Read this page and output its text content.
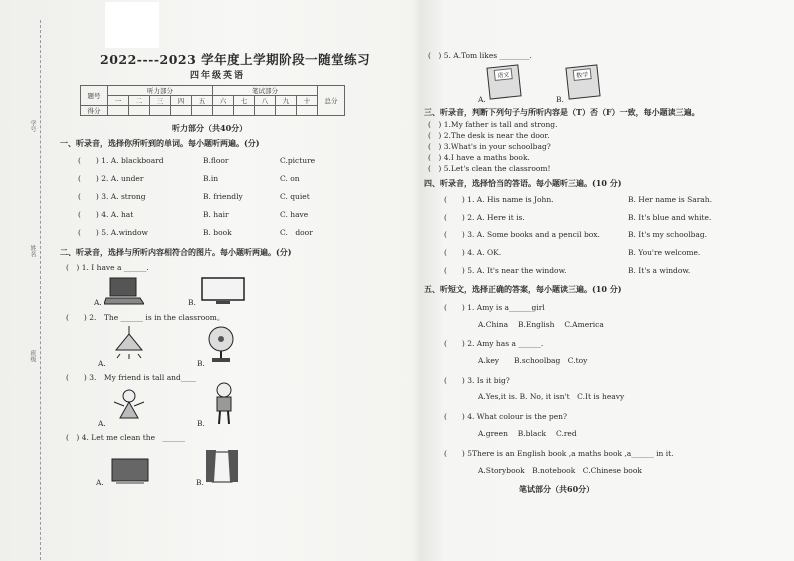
学号
姓名
班级
2022----2023 学年度上学期阶段一随堂练习
四年级英语
题号	听力部分					笔试部分					总分
	一	二	三	四	五	六	七	八	九	十	
得分											
听力部分（共40分）
一、听录音，选择你所听到的单词。每小题听两遍。(分)
(　　) 1. A. blackboard	B.floor	C.picture
(　　) 2. A. under	B.in	C. on
(　　) 3. A. strong	B. friendly	C. quiet
(　　) 4. A. hat	B. hair	C. have
(　　) 5. A.window	B. book	C.　door
二、听录音，选择与所听内容相符合的图片。每小题听两遍。(分)
(　) 1. I have a ______.
A.	B.
(　　) 2.　The ______ is in the classroom。
A.	B.
(　　) 3.　My friend is tall and____
A.	B.
(　) 4. Let me clean the　______
A.	B.
(　) 5. A.Tom likes ________.
语文
A.
数学
B.
三、听录音，判断下列句子与所听内容是（T）否（F）一致，每小题读三遍。
(　) 1.My father is tall and strong.
(　) 2.The desk is near the door.
(　) 3.What's in your schoolbag?
(　) 4.I have a maths book.
(　) 5.Let's clean the classroom!
四、听录音，选择恰当的答语。每小题听三遍。(10 分)
(　　) 1. A. His name is John.	B. Her name is Sarah.
(　　) 2. A. Here it is.	B. It's blue and white.
(　　) 3. A. Some books and a pencil box.	B. It's my schoolbag.
(　　) 4. A. OK.	B. You're welcome.
(　　) 5. A. It's near the window.	B. It's a window.
五、听短文，选择正确的答案，每小题读三遍。(10 分)
(　　) 1. Amy is a______girl
A.China　 B.English　 C.America
(　　) 2. Amy has a ______.
A.key　　B.schoolbag　C.toy
(　　) 3. Is it big?
A.Yes,it is. B. No, it isn't　C.It is heavy
(　　) 4. What colour is the pen?
A.green　 B.black　 C.red
(　　) 5There is an English book ,a maths book ,a______ in it.
A.Storybook　B.notebook　C.Chinese book
笔试部分（共60分）
